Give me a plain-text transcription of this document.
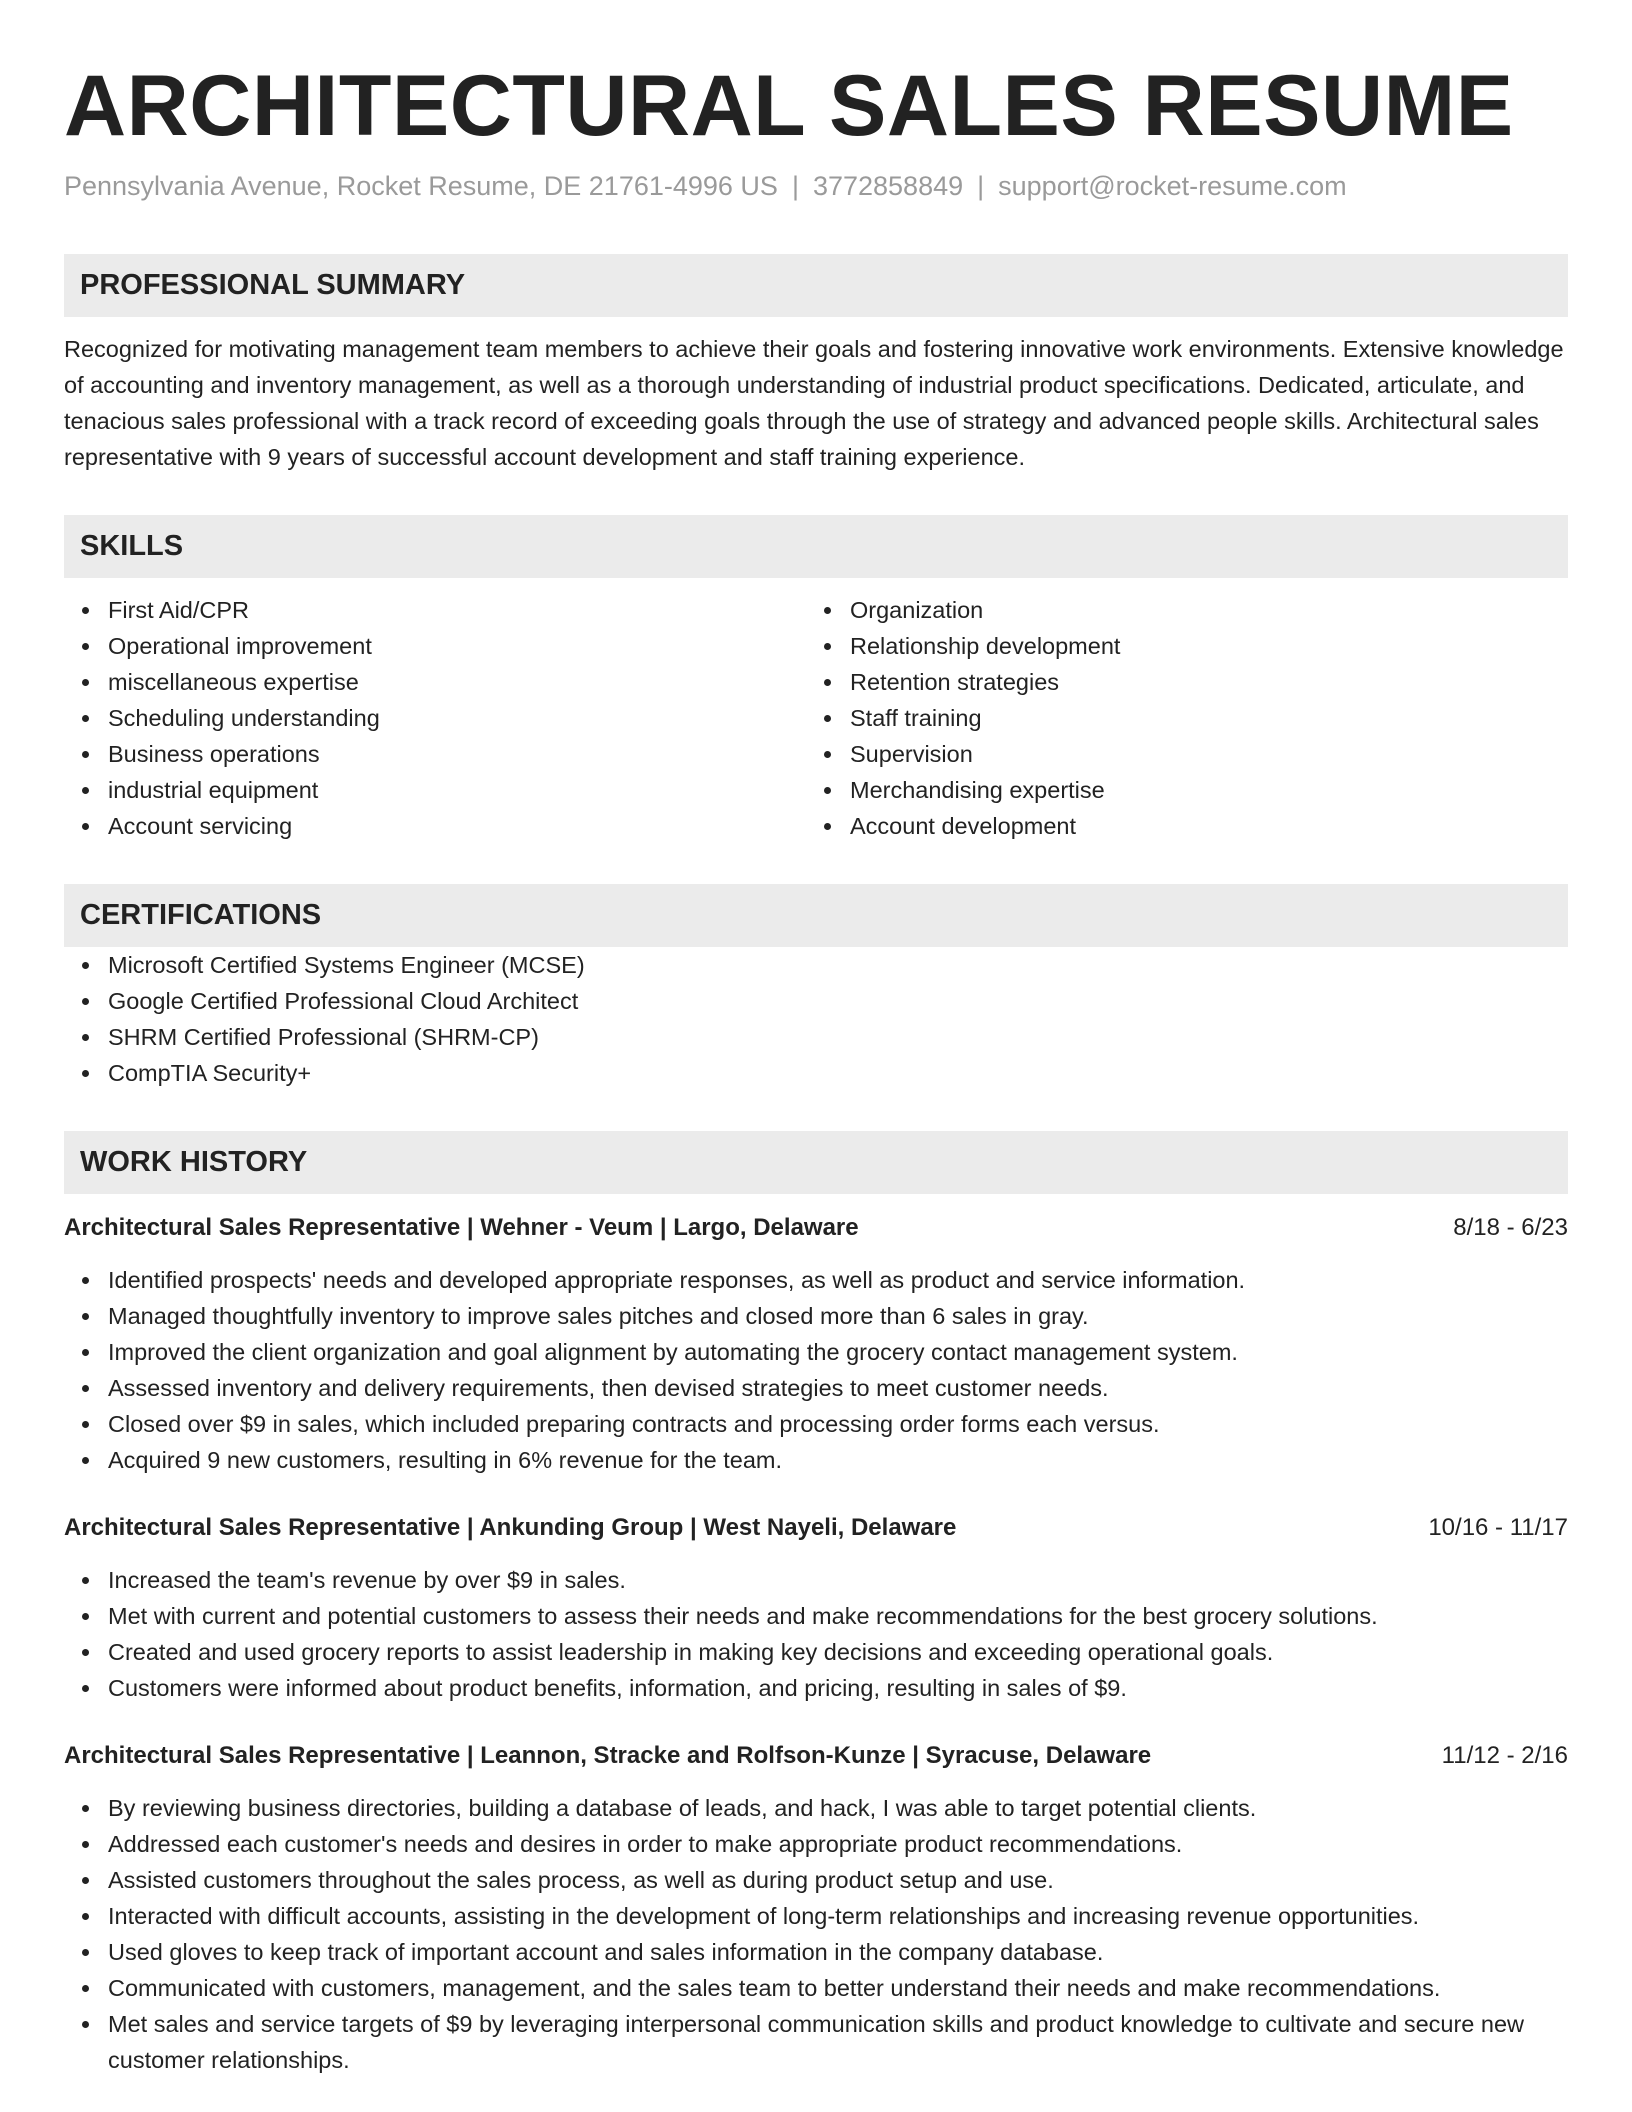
ARCHITECTURAL SALES RESUME
Pennsylvania Avenue, Rocket Resume, DE 21761-4996 US | 3772858849 | support@rocket-resume.com
PROFESSIONAL SUMMARY
Recognized for motivating management team members to achieve their goals and fostering innovative work environments. Extensive knowledge of accounting and inventory management, as well as a thorough understanding of industrial product specifications. Dedicated, articulate, and tenacious sales professional with a track record of exceeding goals through the use of strategy and advanced people skills. Architectural sales representative with 9 years of successful account development and staff training experience.
SKILLS
First Aid/CPR
Operational improvement
miscellaneous expertise
Scheduling understanding
Business operations
industrial equipment
Account servicing
Organization
Relationship development
Retention strategies
Staff training
Supervision
Merchandising expertise
Account development
CERTIFICATIONS
Microsoft Certified Systems Engineer (MCSE)
Google Certified Professional Cloud Architect
SHRM Certified Professional (SHRM-CP)
CompTIA Security+
WORK HISTORY
Architectural Sales Representative | Wehner - Veum | Largo, Delaware	8/18 - 6/23
Identified prospects' needs and developed appropriate responses, as well as product and service information.
Managed thoughtfully inventory to improve sales pitches and closed more than 6 sales in gray.
Improved the client organization and goal alignment by automating the grocery contact management system.
Assessed inventory and delivery requirements, then devised strategies to meet customer needs.
Closed over $9 in sales, which included preparing contracts and processing order forms each versus.
Acquired 9 new customers, resulting in 6% revenue for the team.
Architectural Sales Representative | Ankunding Group | West Nayeli, Delaware	10/16 - 11/17
Increased the team's revenue by over $9 in sales.
Met with current and potential customers to assess their needs and make recommendations for the best grocery solutions.
Created and used grocery reports to assist leadership in making key decisions and exceeding operational goals.
Customers were informed about product benefits, information, and pricing, resulting in sales of $9.
Architectural Sales Representative | Leannon, Stracke and Rolfson-Kunze | Syracuse, Delaware	11/12 - 2/16
By reviewing business directories, building a database of leads, and hack, I was able to target potential clients.
Addressed each customer's needs and desires in order to make appropriate product recommendations.
Assisted customers throughout the sales process, as well as during product setup and use.
Interacted with difficult accounts, assisting in the development of long-term relationships and increasing revenue opportunities.
Used gloves to keep track of important account and sales information in the company database.
Communicated with customers, management, and the sales team to better understand their needs and make recommendations.
Met sales and service targets of $9 by leveraging interpersonal communication skills and product knowledge to cultivate and secure new customer relationships.
